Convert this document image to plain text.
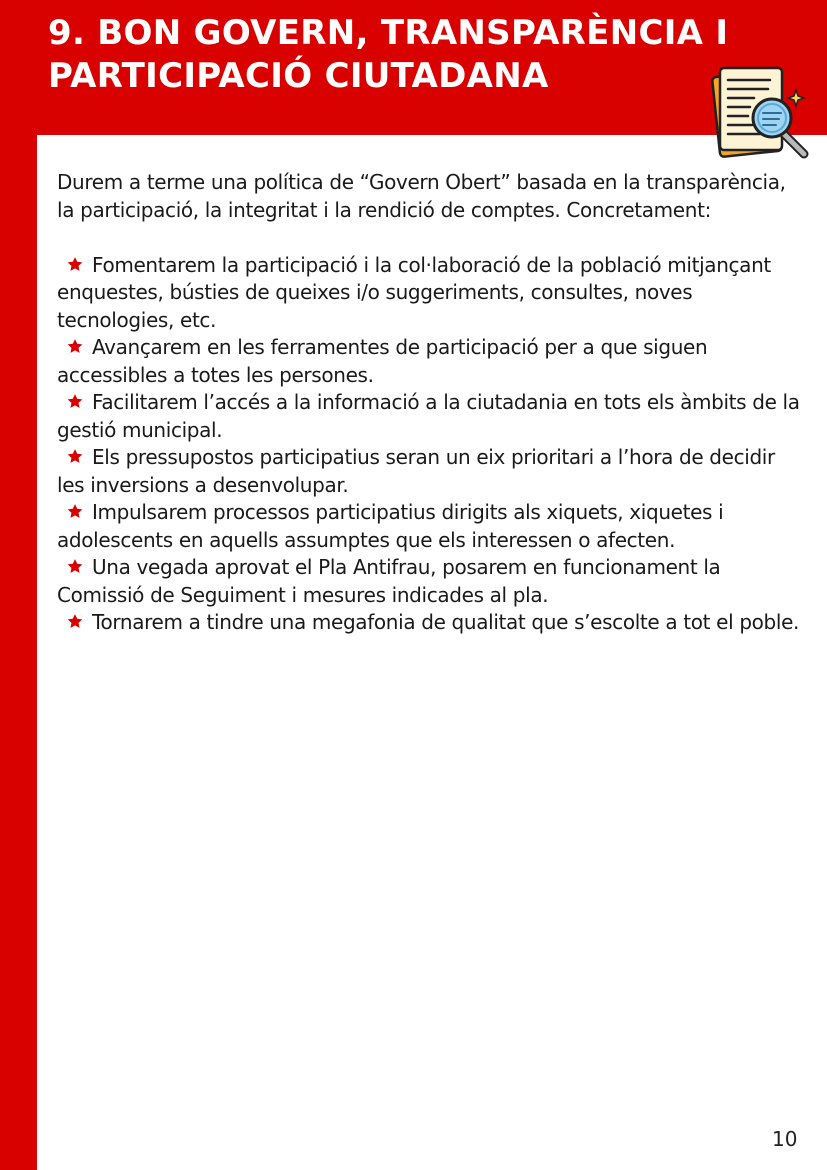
9. BON GOVERN, TRANSPARÈNCIA I
PARTICIPACIÓ CIUTADANA

Durem a terme una política de “Govern Obert” basada en la transparència, la participació, la integritat i la rendició de comptes. Concretament:

Fomentarem la participació i la col·laboració de la població mitjançant enquestes, bústies de queixes i/o suggeriments, consultes, noves tecnologies, etc.
Avançarem en les ferramentes de participació per a que siguen accessibles a totes les persones.
Facilitarem l’accés a la informació a la ciutadania en tots els àmbits de la gestió municipal.
Els pressupostos participatius seran un eix prioritari a l’hora de decidir les inversions a desenvolupar.
Impulsarem processos participatius dirigits als xiquets, xiquetes i adolescents en aquells assumptes que els interessen o afecten.
Una vegada aprovat el Pla Antifrau, posarem en funcionament la Comissió de Seguiment i mesures indicades al pla.
Tornarem a tindre una megafonia de qualitat que s’escolte a tot el poble.
10
